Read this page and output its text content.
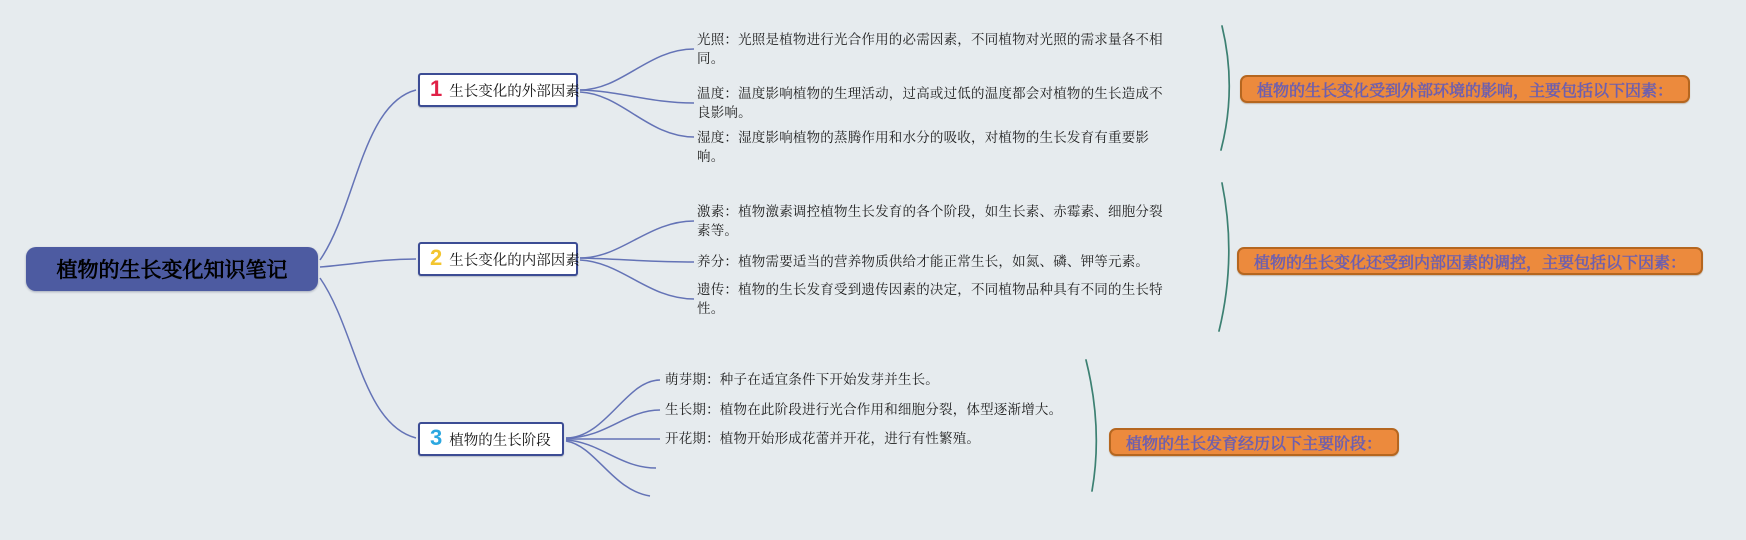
植物的生长变化知识笔记
1 生长变化的外部因素
2 生长变化的内部因素
3 植物的生长阶段
光照：光照是植物进行光合作用的必需因素，不同植物对光照的需求量各不相同。
温度：温度影响植物的生理活动，过高或过低的温度都会对植物的生长造成不良影响。
湿度：湿度影响植物的蒸腾作用和水分的吸收，对植物的生长发育有重要影响。
激素：植物激素调控植物生长发育的各个阶段，如生长素、赤霉素、细胞分裂素等。
养分：植物需要适当的营养物质供给才能正常生长，如氮、磷、钾等元素。
遗传：植物的生长发育受到遗传因素的决定，不同植物品种具有不同的生长特性。
萌芽期：种子在适宜条件下开始发芽并生长。
生长期：植物在此阶段进行光合作用和细胞分裂，体型逐渐增大。
开花期：植物开始形成花蕾并开花，进行有性繁殖。
植物的生长变化受到外部环境的影响，主要包括以下因素：
植物的生长变化还受到内部因素的调控，主要包括以下因素：
植物的生长发育经历以下主要阶段：
